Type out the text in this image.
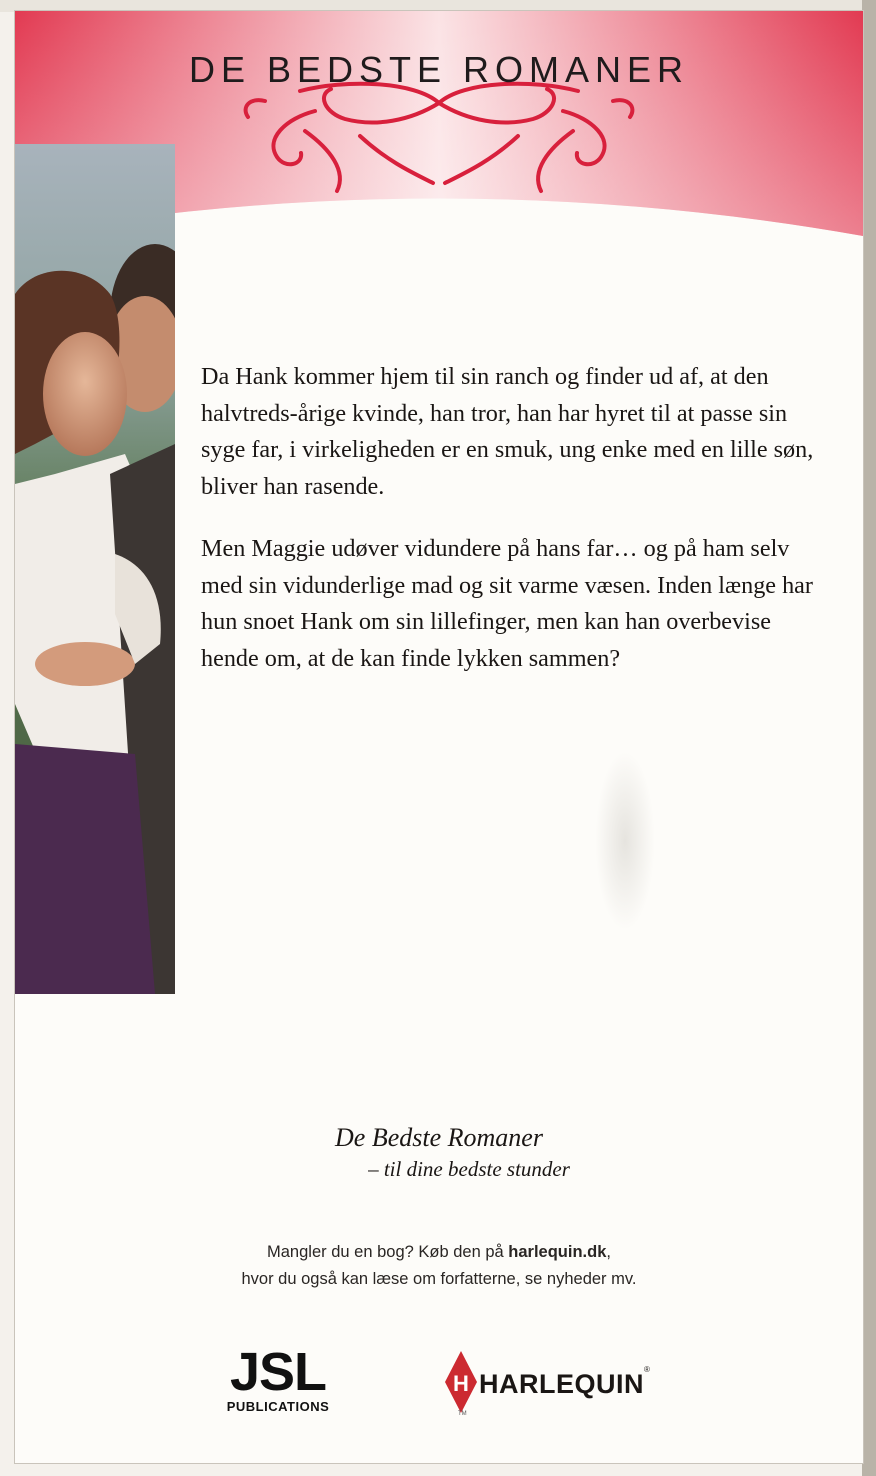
DE BEDSTE ROMANER

Da Hank kommer hjem til sin ranch og finder ud af, at den halvtreds-årige kvinde, han tror, han har hyret til at passe sin syge far, i virkeligheden er en smuk, ung enke med en lille søn, bliver han rasende.

Men Maggie udøver vidundere på hans far… og på ham selv med sin vidunderlige mad og sit varme væsen. Inden længe har hun snoet Hank om sin lillefinger, men kan han overbevise hende om, at de kan finde lykken sammen?

De Bedste Romaner
– til dine bedste stunder
Mangler du en bog? Køb den på harlequin.dk,
hvor du også kan læse om forfatterne, se nyheder mv.
JSL
PUBLICATIONS
H HARLEQUIN ®
TM
